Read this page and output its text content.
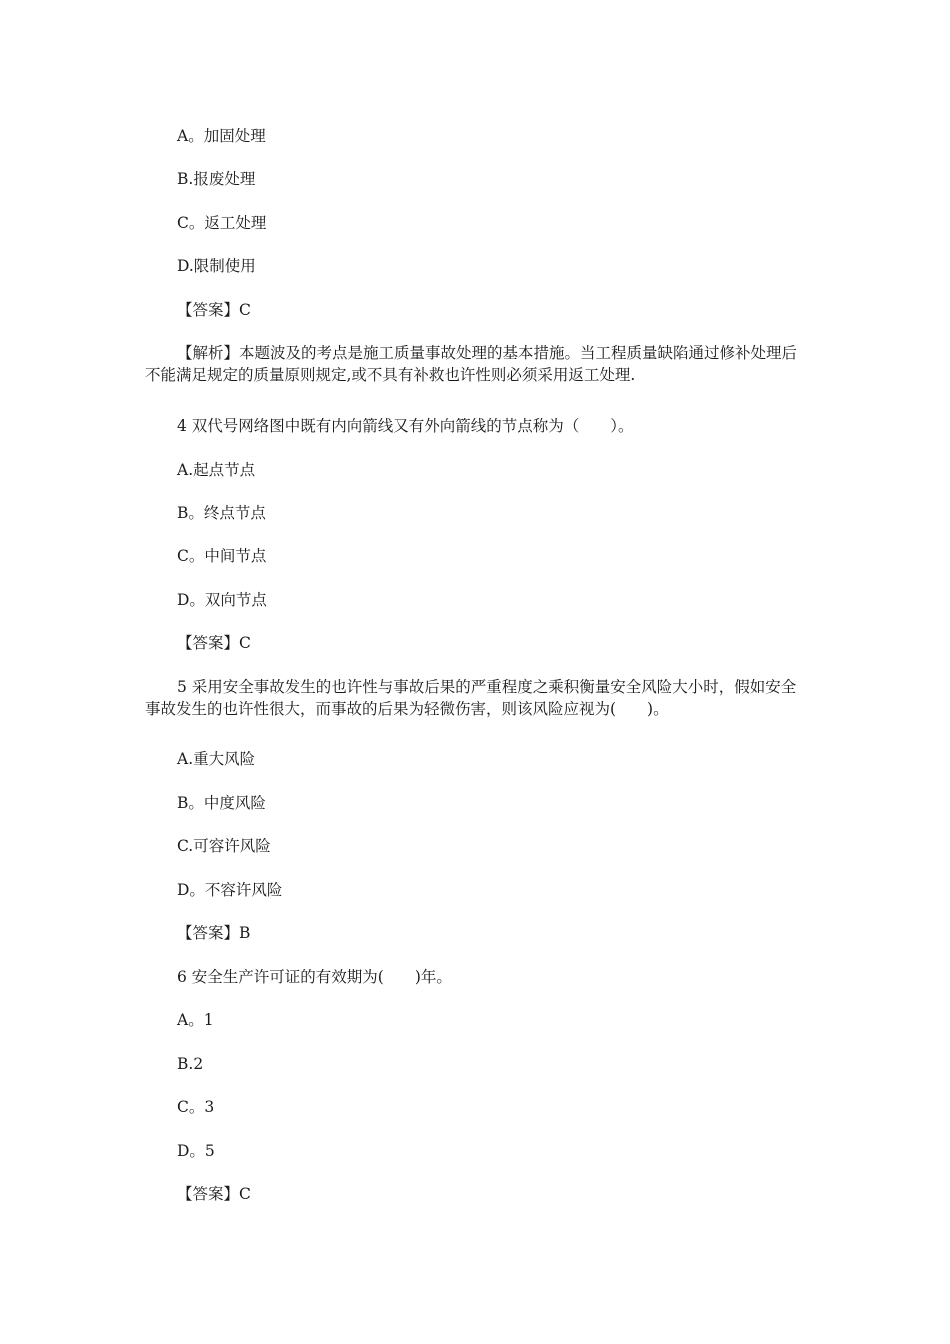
A。加固处理
B.报废处理
C。返工处理
D.限制使用
【答案】C
【解析】本题波及的考点是施工质量事故处理的基本措施。当工程质量缺陷通过修补处理后不能满足规定的质量原则规定,或不具有补救也许性则必须采用返工处理.
4 双代号网络图中既有内向箭线又有外向箭线的节点称为（　　）。
A.起点节点
B。终点节点
C。中间节点
D。双向节点
【答案】C
5 采用安全事故发生的也许性与事故后果的严重程度之乘积衡量安全风险大小时，假如安全事故发生的也许性很大，而事故的后果为轻微伤害，则该风险应视为(　　)。
A.重大风险
B。中度风险
C.可容许风险
D。不容许风险
【答案】B
6 安全生产许可证的有效期为(　　)年。
A。1
B.2
C。3
D。5
【答案】C
